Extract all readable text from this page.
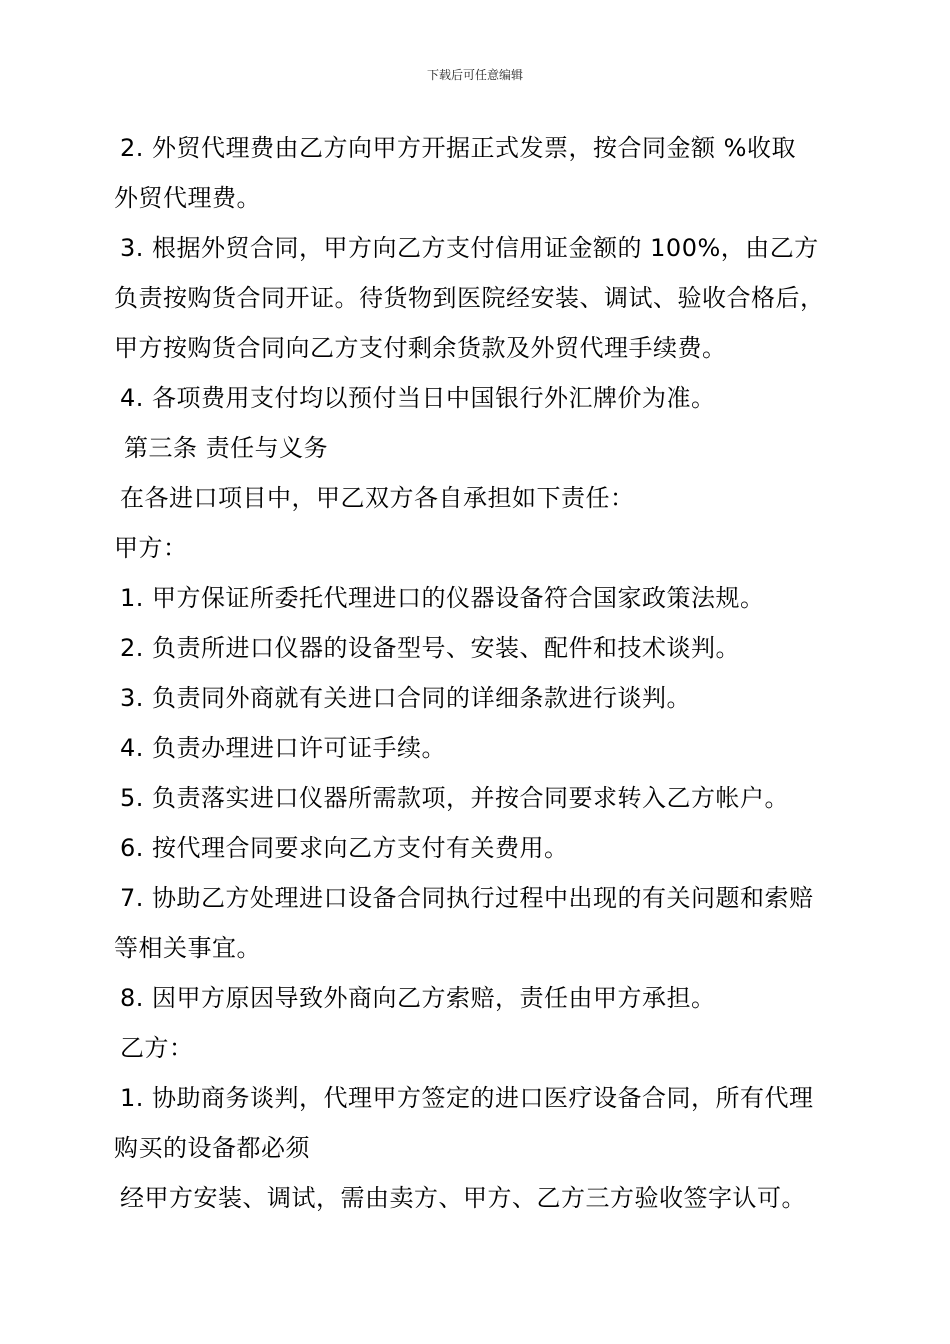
下载后可任意编辑
2. 外贸代理费由乙方向甲方开据正式发票，按合同金额 %收取
外贸代理费。
3. 根据外贸合同，甲方向乙方支付信用证金额的 100%，由乙方
负责按购货合同开证。待货物到医院经安装、调试、验收合格后，
甲方按购货合同向乙方支付剩余货款及外贸代理手续费。
4. 各项费用支付均以预付当日中国银行外汇牌价为准。
第三条 责任与义务
在各进口项目中，甲乙双方各自承担如下责任：
甲方：
1. 甲方保证所委托代理进口的仪器设备符合国家政策法规。
2. 负责所进口仪器的设备型号、安装、配件和技术谈判。
3. 负责同外商就有关进口合同的详细条款进行谈判。
4. 负责办理进口许可证手续。
5. 负责落实进口仪器所需款项，并按合同要求转入乙方帐户。
6. 按代理合同要求向乙方支付有关费用。
7. 协助乙方处理进口设备合同执行过程中出现的有关问题和索赔
等相关事宜。
8. 因甲方原因导致外商向乙方索赔，责任由甲方承担。
乙方：
1. 协助商务谈判，代理甲方签定的进口医疗设备合同，所有代理
购买的设备都必须
经甲方安装、调试，需由卖方、甲方、乙方三方验收签字认可。
